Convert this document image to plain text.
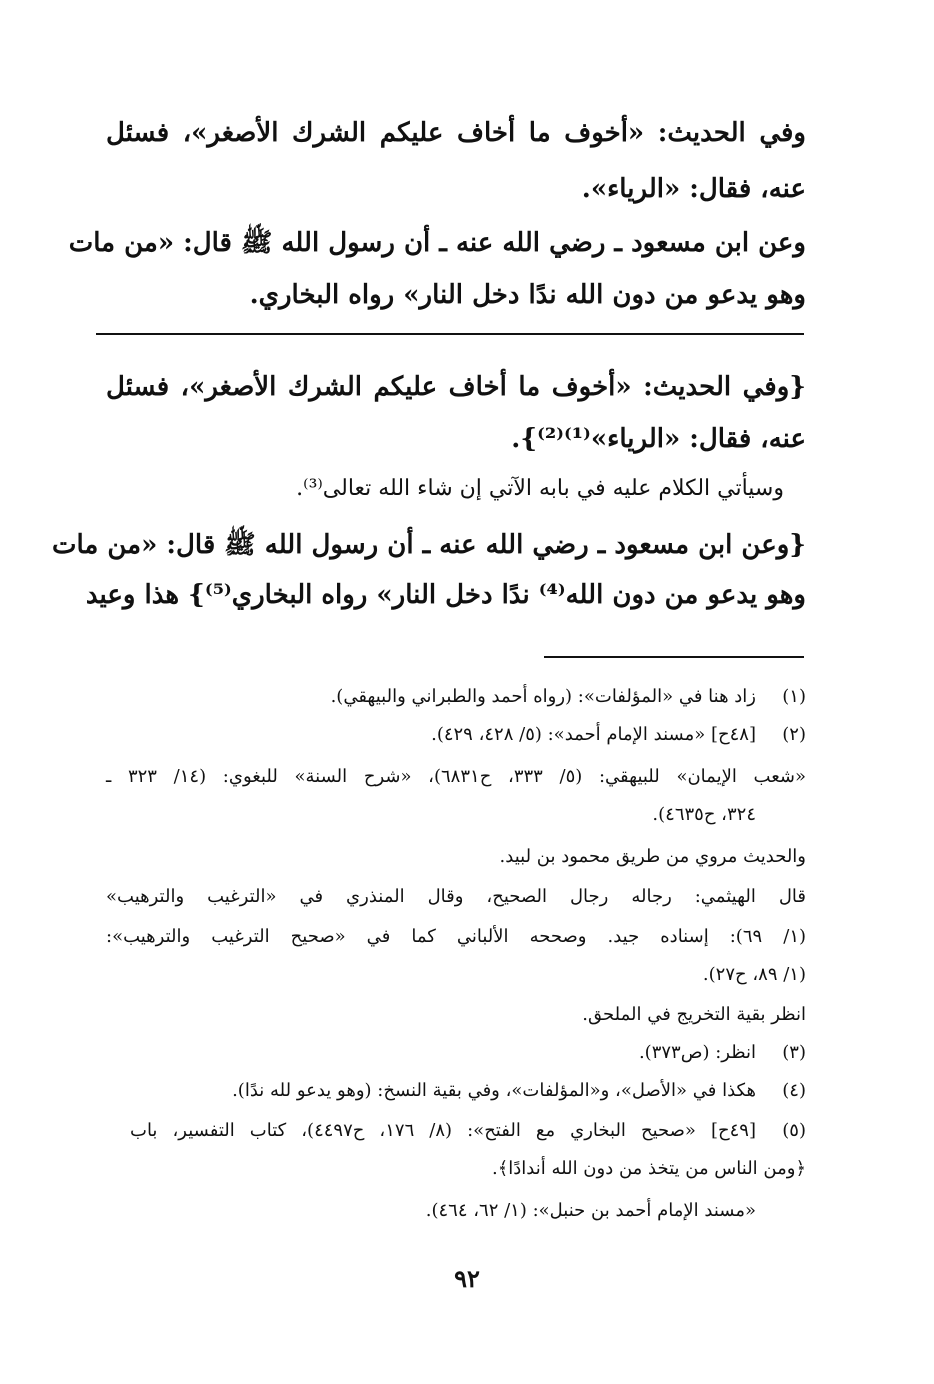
وفي الحديث: «أخوف ما أخاف عليكم الشرك الأصغر»، فسئل
عنه، فقال: «الرياء».
وعن ابن مسعود ـ رضي الله عنه ـ أن رسول الله ﷺ قال: «من مات
وهو يدعو من دون الله ندًا دخل النار» رواه البخاري.
{وفي الحديث: «أخوف ما أخاف عليكم الشرك الأصغر»، فسئل
عنه، فقال: «الرياء»⁽¹⁾⁽²⁾}.
وسيأتي الكلام عليه في بابه الآتي إن شاء الله تعالى⁽³⁾.
{وعن ابن مسعود ـ رضي الله عنه ـ أن رسول الله ﷺ قال: «من مات
وهو يدعو من دون الله⁽⁴⁾ ندًا دخل النار» رواه البخاري⁽⁵⁾} هذا وعيد
(١)
زاد هنا في «المؤلفات»: (رواه أحمد والطبراني والبيهقي).
(٢)
[٤٨ح] «مسند الإمام أحمد»: (٥/ ٤٢٨، ٤٢٩).
«شعب الإيمان» للبيهقي: (٥/ ٣٣٣، ح٦٨٣١)، «شرح السنة» للبغوي: (١٤/ ٣٢٣ ـ
٣٢٤، ح٤٦٣٥).
والحديث مروي من طريق محمود بن لبيد.
قال الهيثمي: رجاله رجال الصحيح، وقال المنذري في «الترغيب والترهيب»
(١/ ٦٩): إسناده جيد. وصححه الألباني كما في «صحيح الترغيب والترهيب»:
(١/ ٨٩، ح٢٧).
انظر بقية التخريج في الملحق.
(٣)
انظر: (ص٣٧٣).
(٤)
هكذا في «الأصل»، و«المؤلفات»، وفي بقية النسخ: (وهو يدعو لله ندًا).
(٥)
[٤٩ح] «صحيح البخاري مع الفتح»: (٨/ ١٧٦، ح٤٤٩٧)، كتاب التفسير، باب
﴿ومن الناس من يتخذ من دون الله أندادًا﴾.
«مسند الإمام أحمد بن حنبل»: (١/ ٦٢، ٤٦٤).
٩٢
